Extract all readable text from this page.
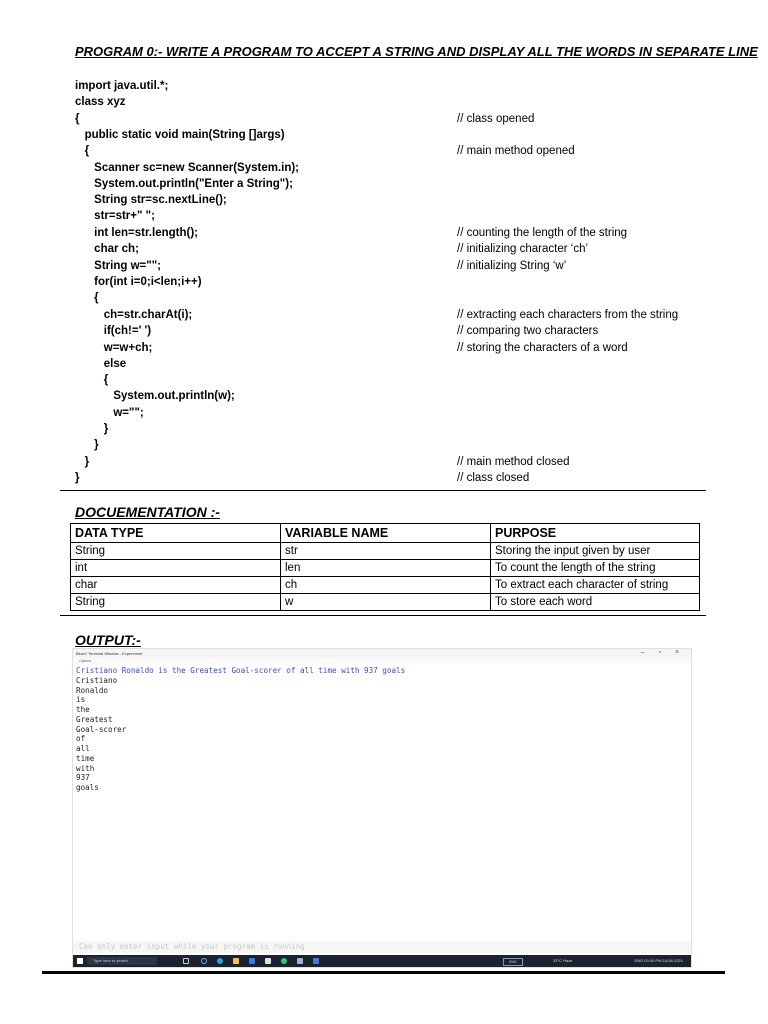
PROGRAM 0:- WRITE A PROGRAM TO ACCEPT A STRING AND DISPLAY ALL THE WORDS IN SEPARATE LINE
import java.util.*;
class xyz
{
public static void main(String []args)
{
Scanner sc=new Scanner(System.in);
System.out.println("Enter a String");
String str=sc.nextLine();
str=str+" ";
int len=str.length();
char ch;
String w="";
for(int i=0;i<len;i++)
{
ch=str.charAt(i);
if(ch!=' ')
w=w+ch;
else
{
System.out.println(w);
w="";
}
}
}
}
// class opened
// main method opened
// counting the length of the string
// initializing character ‘ch’
// initializing String ‘w’
// extracting each characters from the string
// comparing two characters
// storing the characters of a word
// main method closed
// class closed
DOCUEMENTATION :-
DATA TYPE	VARIABLE NAME	PURPOSE
String	str	Storing the input given by user
int	len	To count the length of the string
char	ch	To extract each character of string
String	w	To store each word
OUTPUT:-
BlueJ: Terminal Window - Experiment	– ▫ ×
Options
Cristiano Ronaldo is the Greatest Goal-scorer of all time with 937 goals
Cristiano
Ronaldo
is
the
Greatest
Goal-scorer
of
all
time
with
937
goals
Can only enter input while your program is running
Type here to search	ENG	33°C Haze	ENG 03:40 PM 16-06-2021
